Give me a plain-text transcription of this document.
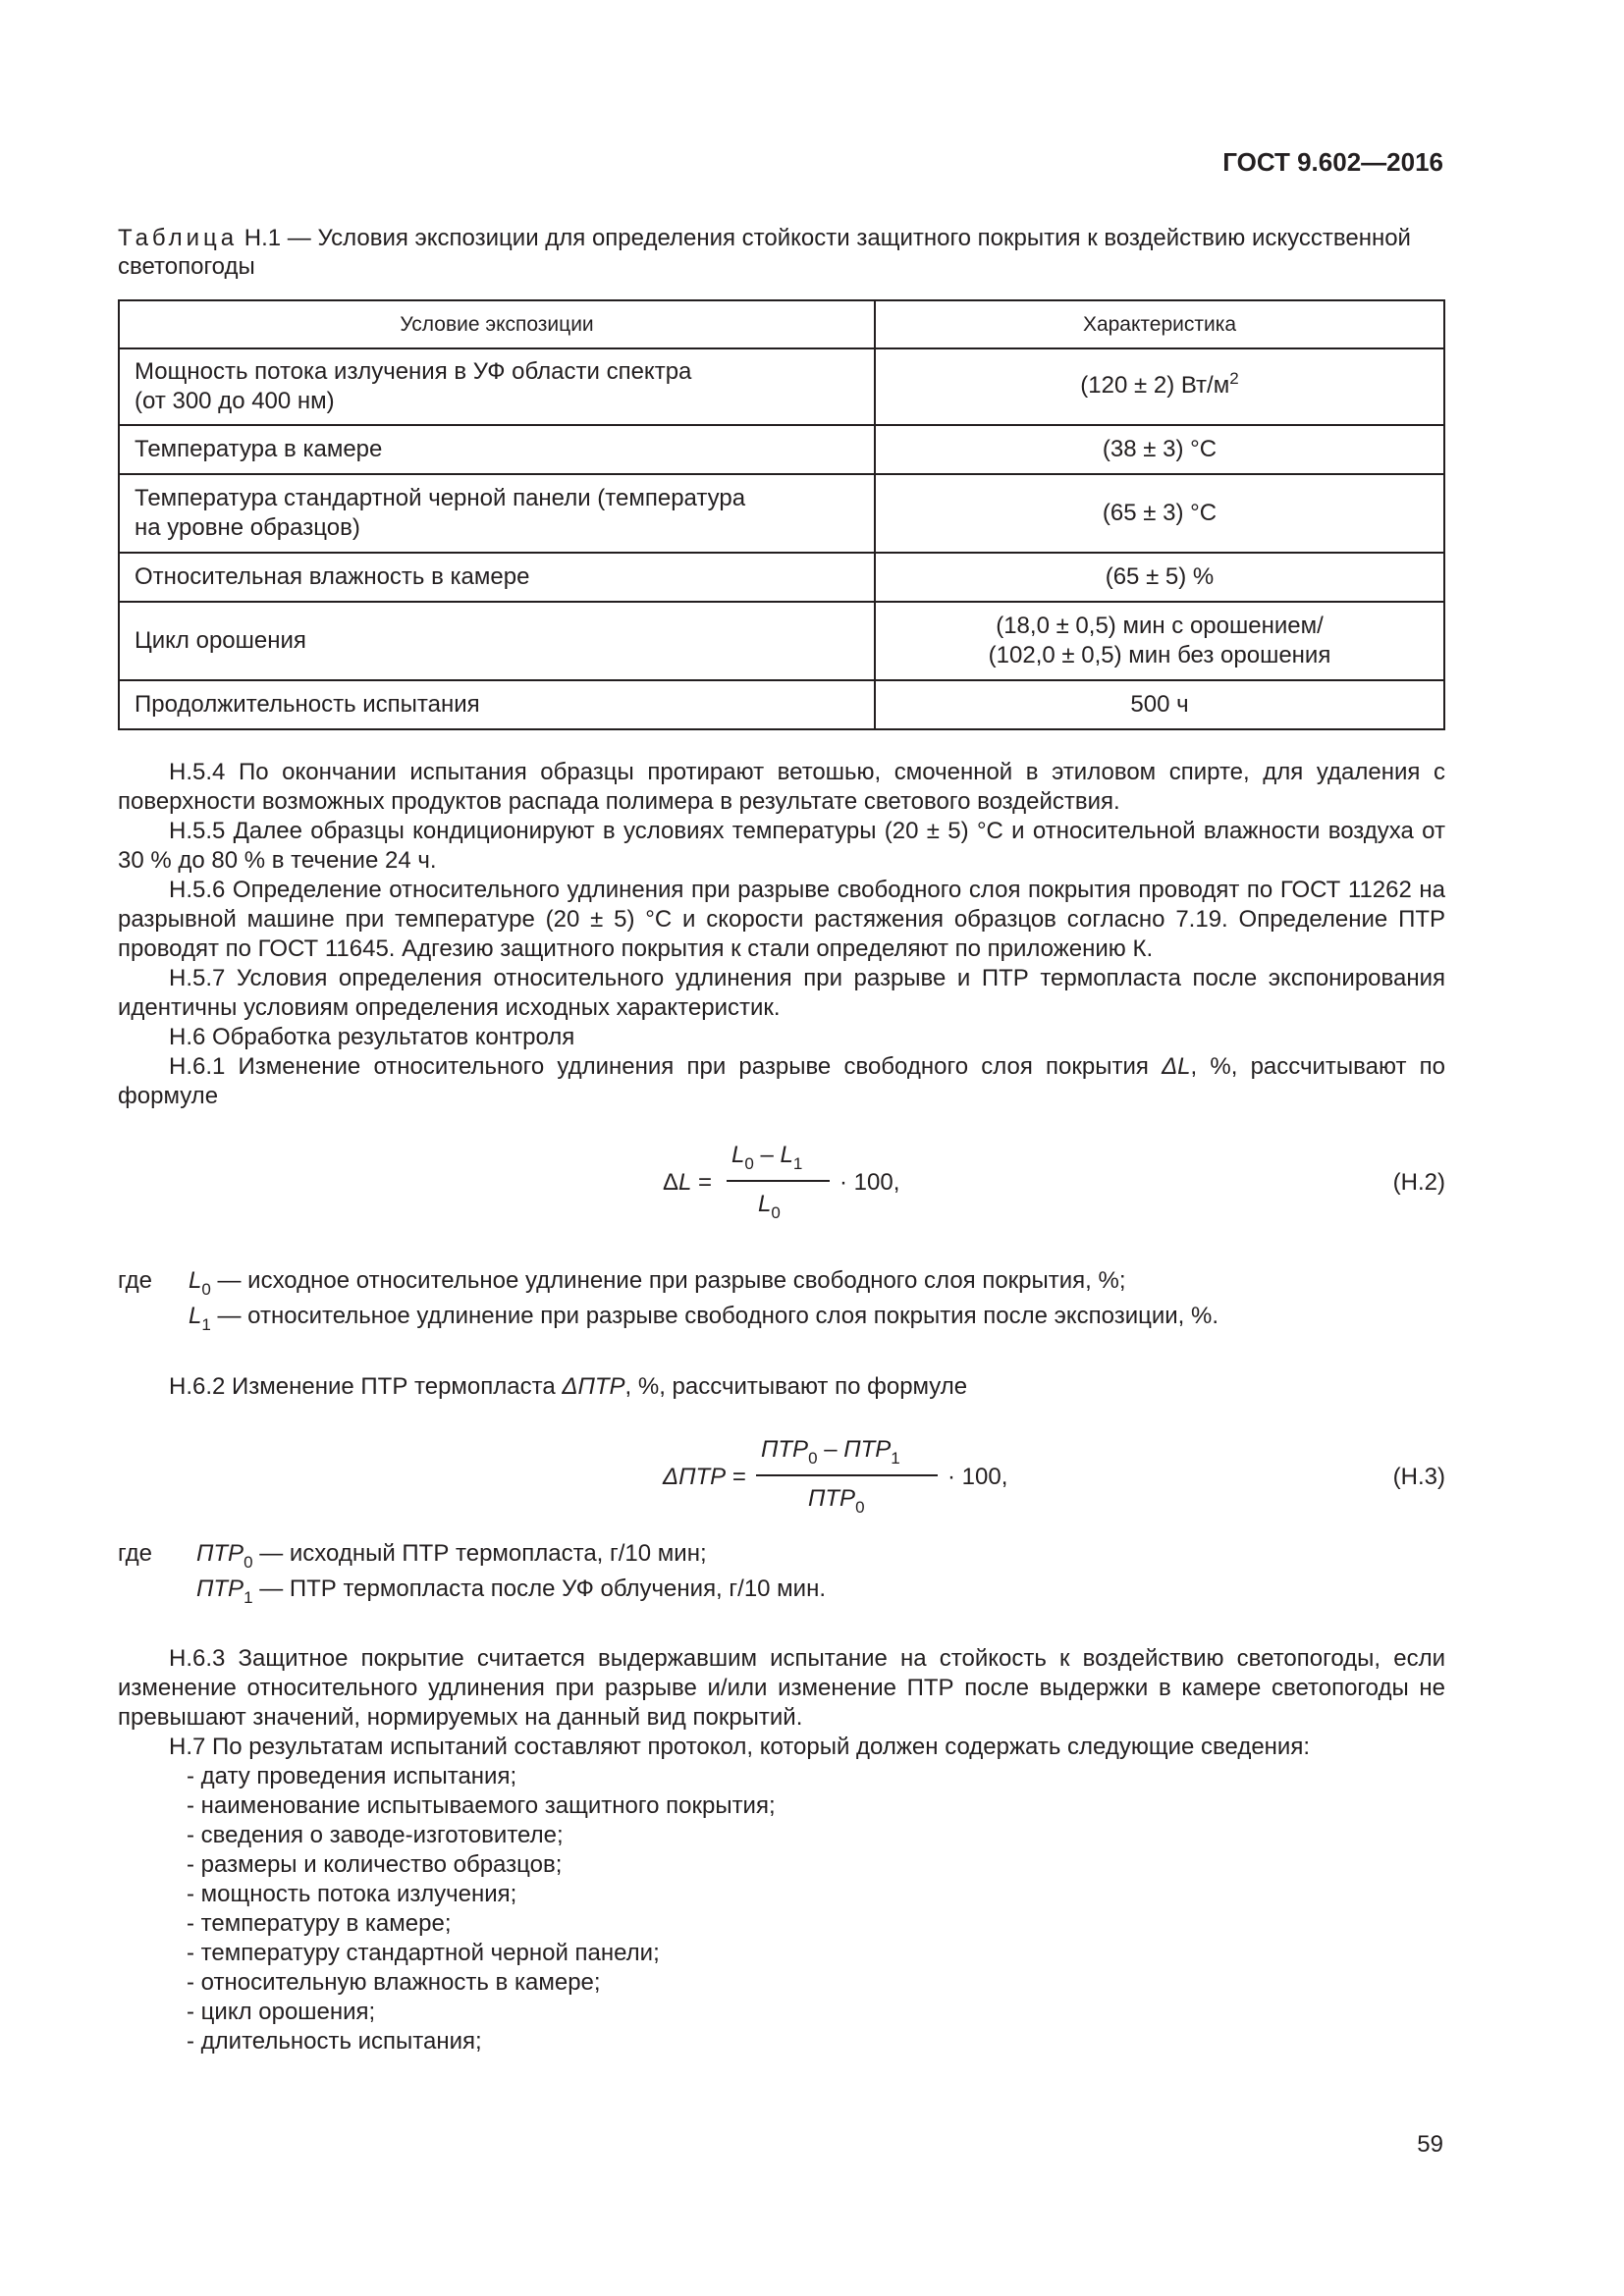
ГОСТ 9.602—2016
Таблица Н.1 — Условия экспозиции для определения стойкости защитного покрытия к воздействию искусственной светопогоды
Условие экспозиции	Характеристика
Мощность потока излучения в УФ области спектра
(от 300 до 400 нм)	(120 ± 2) $Вт/м^2$
Температура в камере	(38 ± 3) °С
Температура стандартной черной панели (температура
на уровне образцов)	(65 ± 3) °С
Относительная влажность в камере	(65 ± 5) %
Цикл орошения	(18,0 ± 0,5) мин с орошением/
(102,0 ± 0,5) мин без орошения
Продолжительность испытания	500 ч

Н.5.4 По окончании испытания образцы протирают ветошью, смоченной в этиловом спирте, для удаления с поверхности возможных продуктов распада полимера в результате светового воздействия.

Н.5.5 Далее образцы кондиционируют в условиях температуры (20 ± 5) °С и относительной влажности воздуха от 30 % до 80 % в течение 24 ч.

Н.5.6 Определение относительного удлинения при разрыве свободного слоя покрытия проводят по ГОСТ 11262 на разрывной машине при температуре (20 ± 5) °С и скорости растяжения образцов согласно 7.19. Определение ПТР проводят по ГОСТ 11645. Адгезию защитного покрытия к стали определяют по приложению К.

Н.5.7 Условия определения относительного удлинения при разрыве и ПТР термопласта после экспонирования идентичны условиям определения исходных характеристик.

Н.6 Обработка результатов контроля

Н.6.1 Изменение относительного удлинения при разрыве свободного слоя покрытия ΔL, %, рассчитывают по формуле

ΔL =
$L_0 - L_1$
$L_0$
· 100,	(Н.2)
где $L_0$ — исходное относительное удлинение при разрыве свободного слоя покрытия, %;
$L_1$ — относительное удлинение при разрыве свободного слоя покрытия после экспозиции, %.

Н.6.2 Изменение ПТР термопласта ΔПТР, %, рассчитывают по формуле

ΔПТР =
$ПТР_0 - ПТР_1$
$ПТР_0$
· 100,	(Н.3)
где $ПТР_0$ — исходный ПТР термопласта, г/10 мин;
$ПТР_1$ — ПТР термопласта после УФ облучения, г/10 мин.

Н.6.3 Защитное покрытие считается выдержавшим испытание на стойкость к воздействию светопогоды, если изменение относительного удлинения при разрыве и/или изменение ПТР после выдержки в камере светопогоды не превышают значений, нормируемых на данный вид покрытий.

Н.7 По результатам испытаний составляют протокол, который должен содержать следующие сведения:

- дату проведения испытания;
- наименование испытываемого защитного покрытия;
- сведения о заводе-изготовителе;
- размеры и количество образцов;
- мощность потока излучения;
- температуру в камере;
- температуру стандартной черной панели;
- относительную влажность в камере;
- цикл орошения;
- длительность испытания;
59
